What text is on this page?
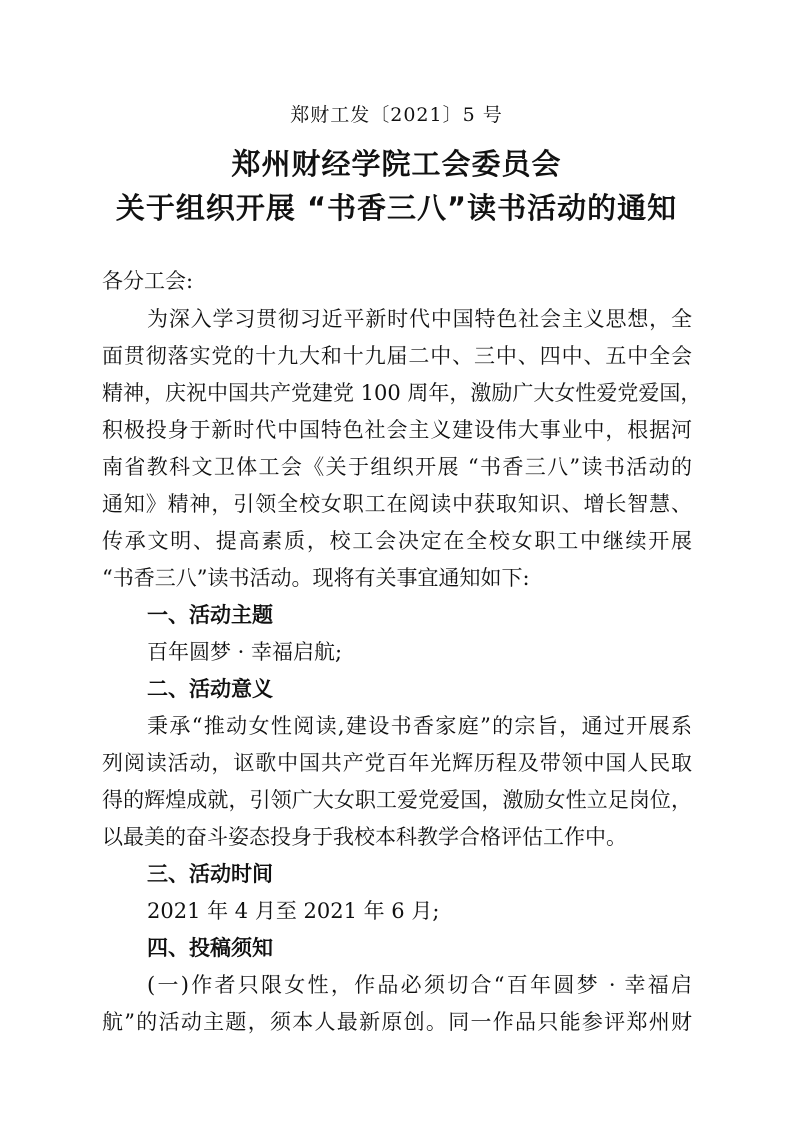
郑财工发〔2021〕5 号
郑州财经学院工会委员会
关于组织开展 “书香三八”读书活动的通知
各分工会:
为深入学习贯彻习近平新时代中国特色社会主义思想，全
面贯彻落实党的十九大和十九届二中、三中、四中、五中全会
精神，庆祝中国共产党建党 100 周年，激励广大女性爱党爱国，
积极投身于新时代中国特色社会主义建设伟大事业中，根据河
南省教科文卫体工会《关于组织开展 “书香三八”读书活动的
通知》精神，引领全校女职工在阅读中获取知识、增长智慧、
传承文明、提高素质，校工会决定在全校女职工中继续开展
“书香三八”读书活动。现将有关事宜通知如下:
一、活动主题
百年圆梦 · 幸福启航;
二、活动意义
秉承“推动女性阅读,建设书香家庭”的宗旨，通过开展系
列阅读活动，讴歌中国共产党百年光辉历程及带领中国人民取
得的辉煌成就，引领广大女职工爱党爱国，激励女性立足岗位，
以最美的奋斗姿态投身于我校本科教学合格评估工作中。
三、活动时间
2021 年 4 月至 2021 年 6 月;
四、投稿须知
(一)作者只限女性，作品必须切合“百年圆梦 · 幸福启
航”的活动主题，须本人最新原创。同一作品只能参评郑州财
